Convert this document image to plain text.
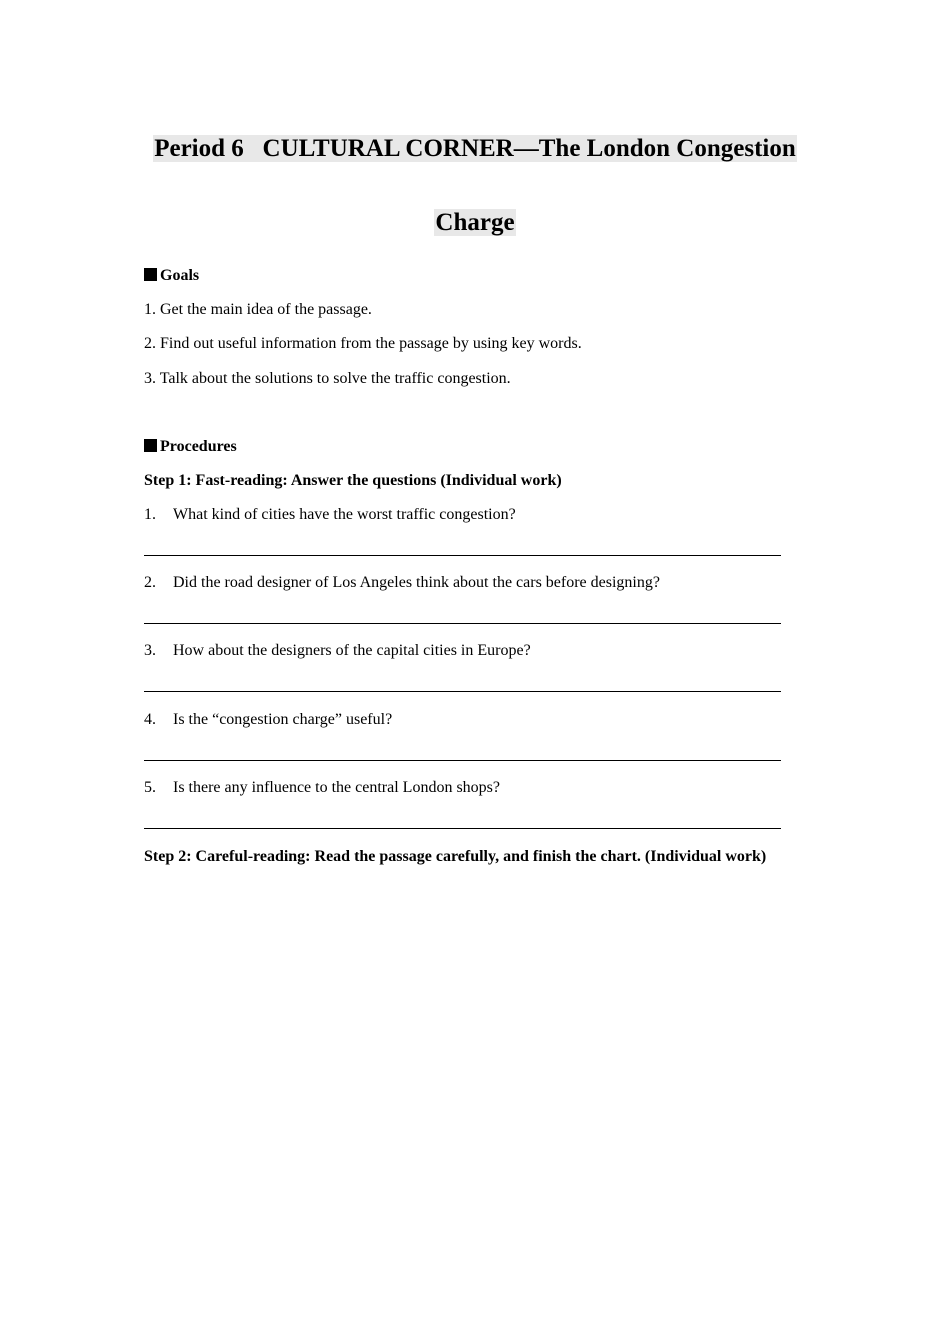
Period 6   CULTURAL CORNER—The London Congestion
Charge
Goals
1. Get the main idea of the passage.
2. Find out useful information from the passage by using key words.
3. Talk about the solutions to solve the traffic congestion.
Procedures
Step 1: Fast-reading: Answer the questions (Individual work)
1. What kind of cities have the worst traffic congestion?
2. Did the road designer of Los Angeles think about the cars before designing?
3. How about the designers of the capital cities in Europe?
4. Is the “congestion charge” useful?
5. Is there any influence to the central London shops?
Step 2: Careful-reading: Read the passage carefully, and finish the chart. (Individual work)
